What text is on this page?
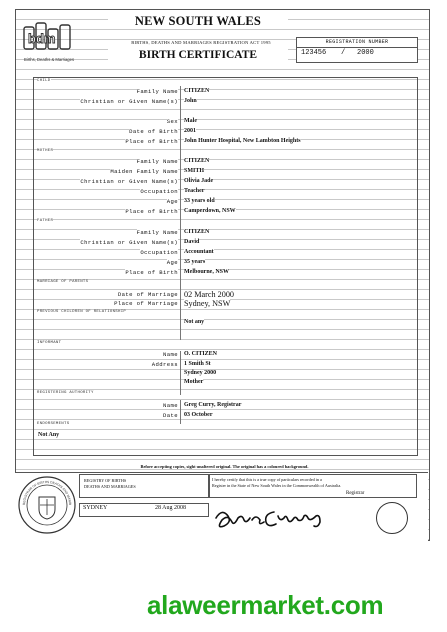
bdm
Births, Deaths & Marriages
NEW SOUTH WALES
BIRTHS, DEATHS AND MARRIAGES REGISTRATION ACT 1995
BIRTH CERTIFICATE
REGISTRATION NUMBER
123456 / 2000
CHILD
Family Name CITIZEN
Christian or Given Name(s) John
Sex Male
Date of Birth 2001
Place of Birth John Hunter Hospital, New Lambton Heights
MOTHER
Family Name CITIZEN
Maiden Family Name SMITH
Christian or Given Name(s) Olivia Jade
Occupation Teacher
Age 33 years old
Place of Birth Camperdown, NSW
FATHER
Family Name CITIZEN
Christian or Given Name(s) David
Occupation Accountant
Age 35 years
Place of Birth Melbourne, NSW
MARRIAGE OF PARENTS
Date of Marriage 02 March 2000
Place of Marriage Sydney, NSW
PREVIOUS CHILDREN OF RELATIONSHIP
Not any
INFORMANT
Name O. CITIZEN
Address 1 Smith St
Sydney 2000
Mother
REGISTERING AUTHORITY
Name Greg Curry, Registrar
Date 03 October
ENDORSEMENTS
Not Any
Before accepting copies, sight unaltered original. The original has a coloured background.
REGISTRAR OF BIRTHS DEATHS AND MARRI
REGISTRY OF BIRTHS
DEATHS AND MARRIAGES
I hereby certify that this is a true copy of particulars recorded in a
Register in the State of New South Wales in the Commonwealth of Australia.
Registrar
SYDNEY	28 Aug 2008
alaweermarket.com
